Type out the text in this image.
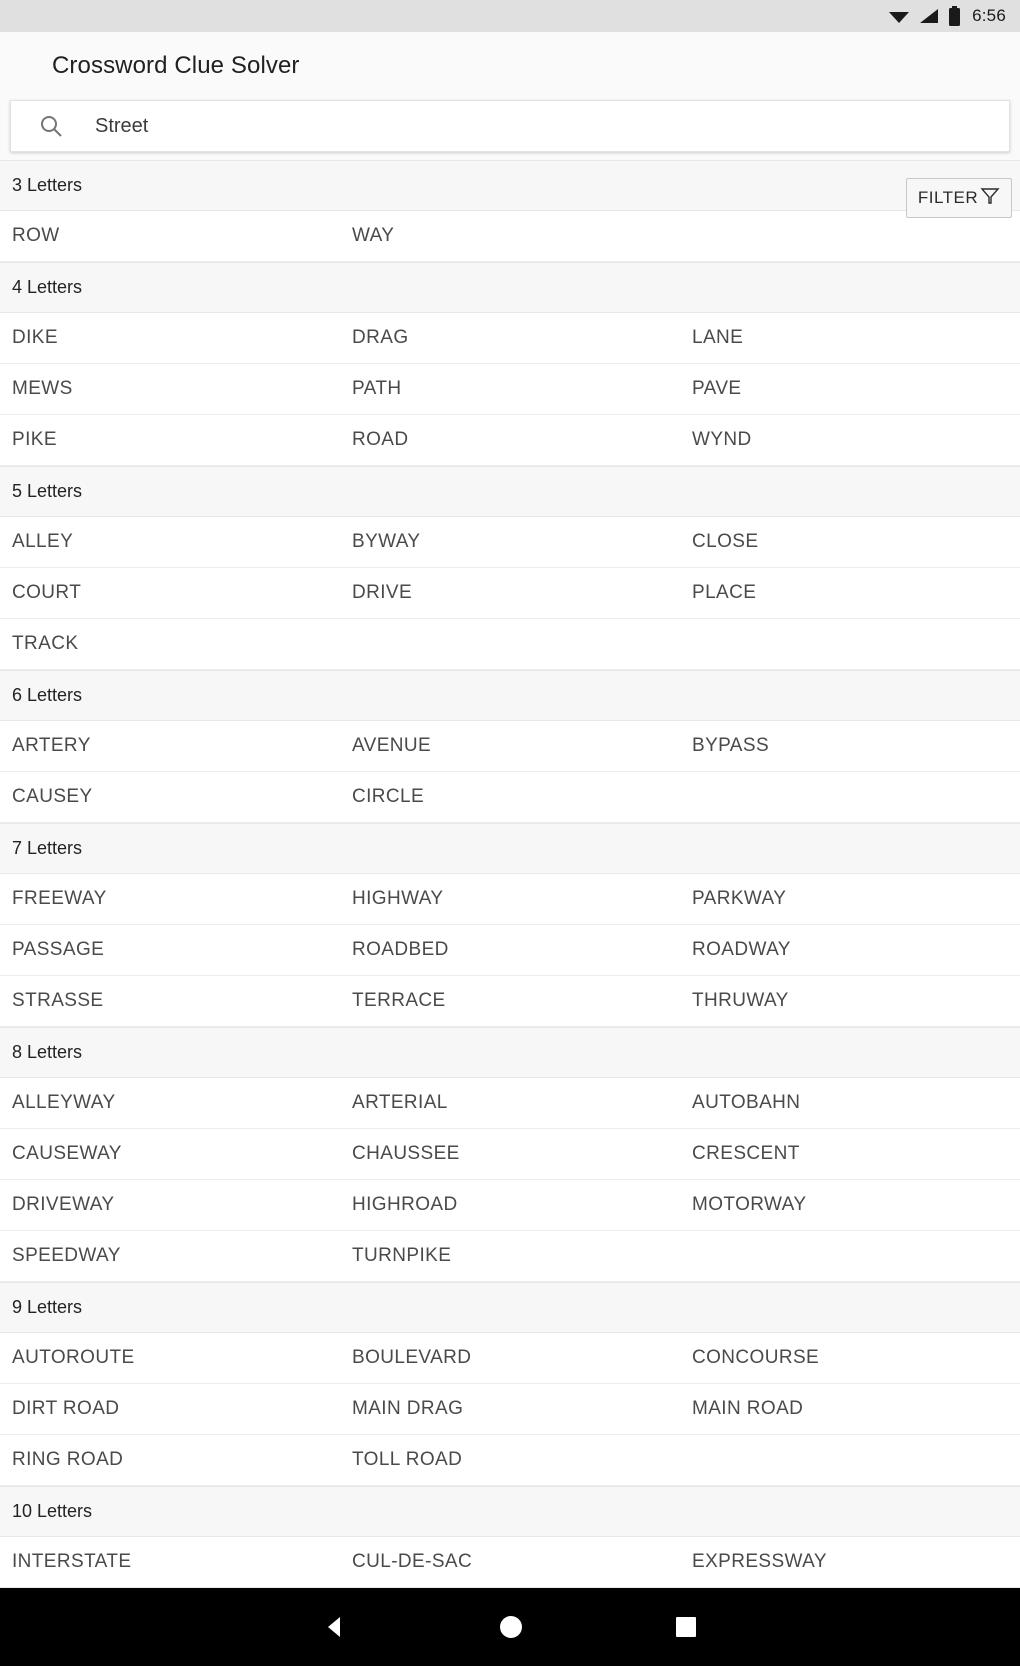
6:56
Crossword Clue Solver
Street
3 Letters
ROW	WAY
4 Letters
DIKE	DRAG	LANE
MEWS	PATH	PAVE
PIKE	ROAD	WYND
5 Letters
ALLEY	BYWAY	CLOSE
COURT	DRIVE	PLACE
TRACK
6 Letters
ARTERY	AVENUE	BYPASS
CAUSEY	CIRCLE
7 Letters
FREEWAY	HIGHWAY	PARKWAY
PASSAGE	ROADBED	ROADWAY
STRASSE	TERRACE	THRUWAY
8 Letters
ALLEYWAY	ARTERIAL	AUTOBAHN
CAUSEWAY	CHAUSSEE	CRESCENT
DRIVEWAY	HIGHROAD	MOTORWAY
SPEEDWAY	TURNPIKE
9 Letters
AUTOROUTE	BOULEVARD	CONCOURSE
DIRT ROAD	MAIN DRAG	MAIN ROAD
RING ROAD	TOLL ROAD
10 Letters
INTERSTATE	CUL-DE-SAC	EXPRESSWAY
FILTER
